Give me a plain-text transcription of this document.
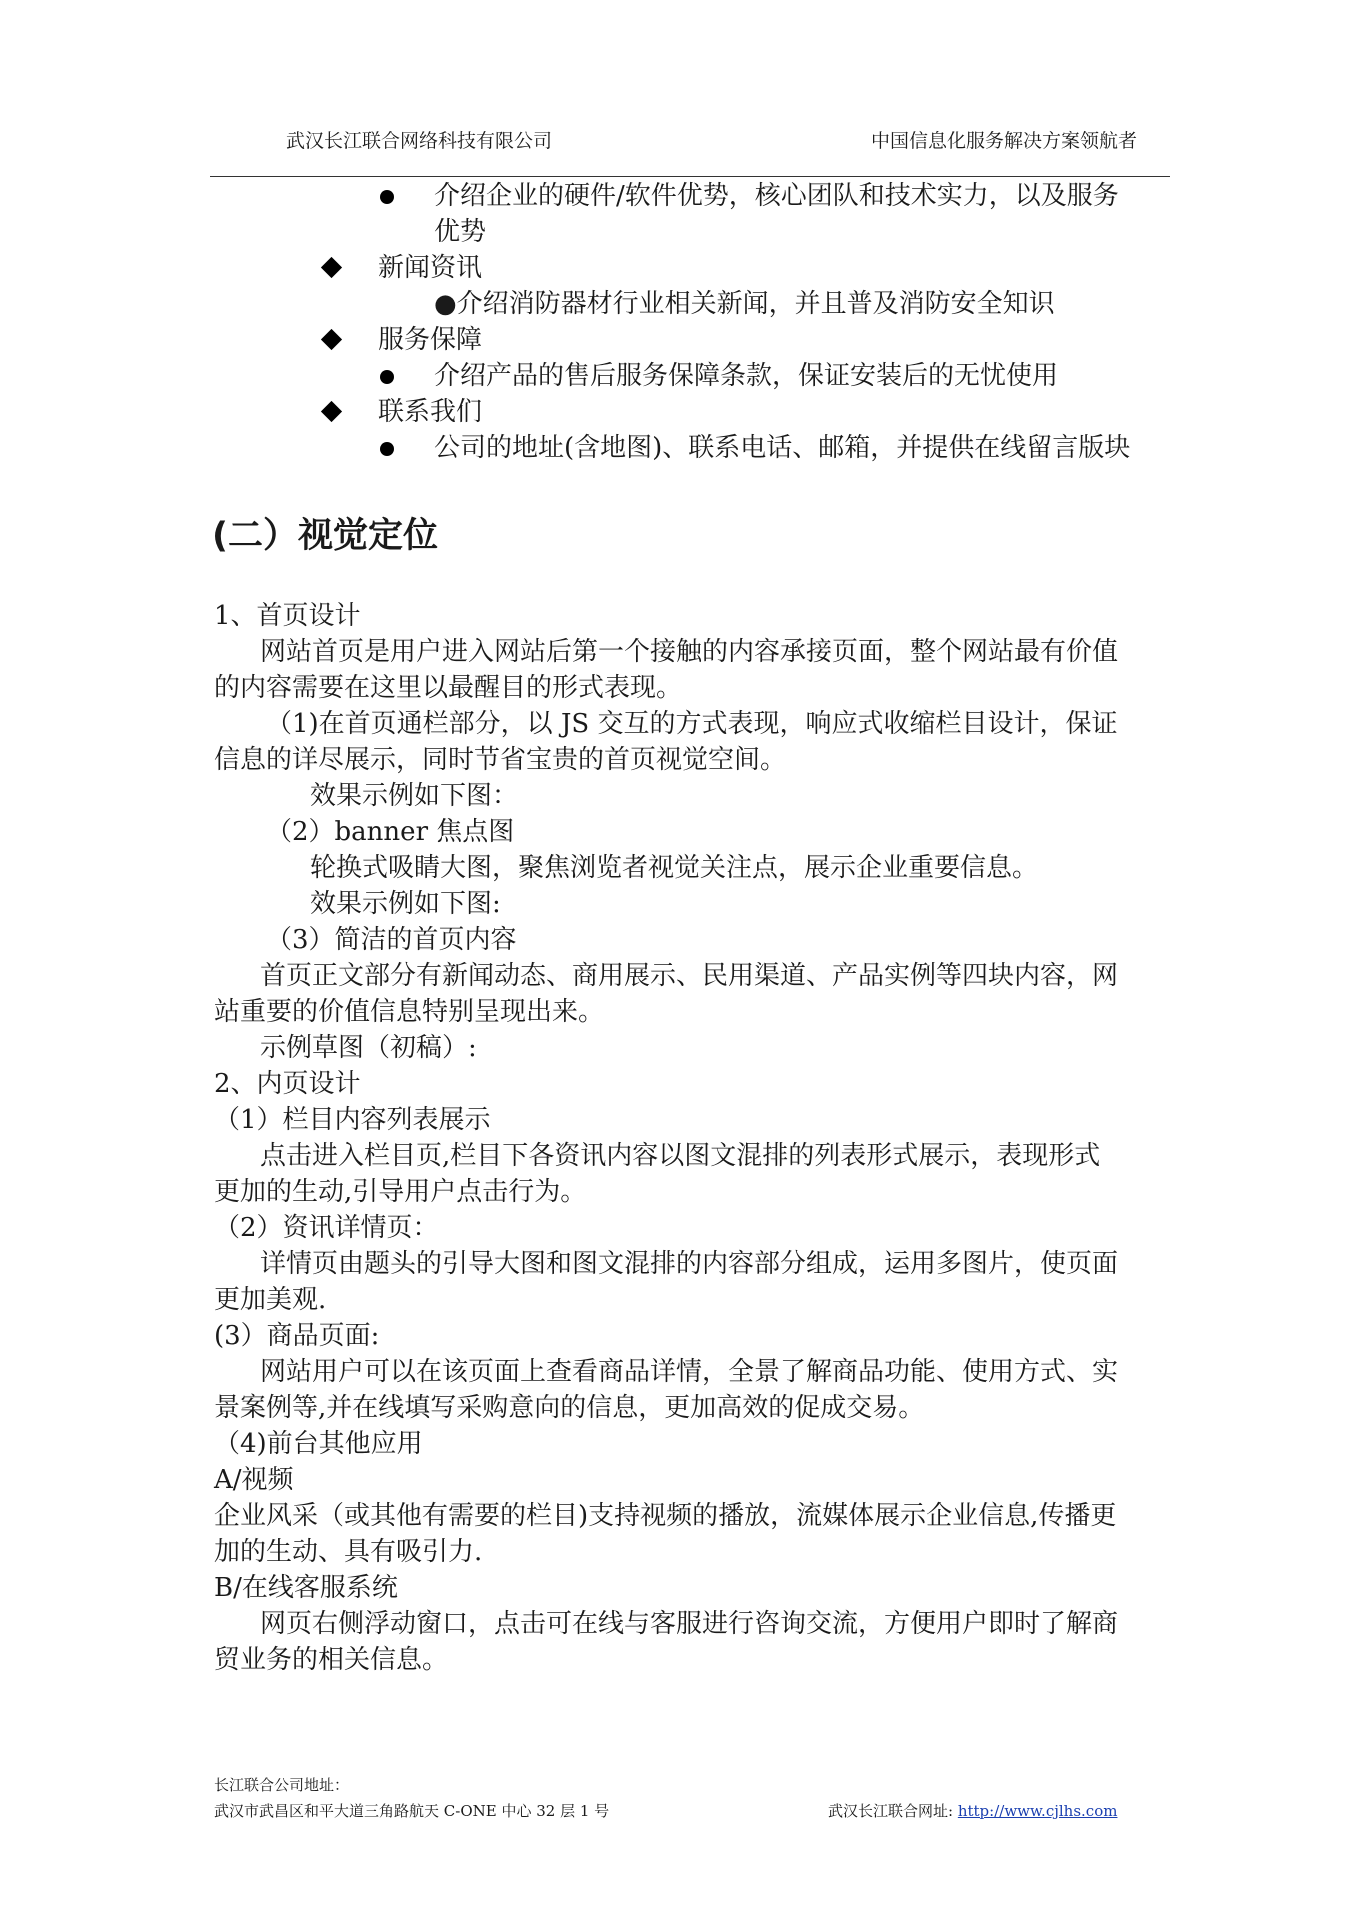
武汉长江联合网络科技有限公司	中国信息化服务解决方案领航者
介绍企业的硬件/软件优势，核心团队和技术实力，以及服务
优势
新闻资讯
●介绍消防器材行业相关新闻，并且普及消防安全知识
服务保障
介绍产品的售后服务保障条款，保证安装后的无忧使用
联系我们
公司的地址(含地图)、联系电话、邮箱，并提供在线留言版块
(二）视觉定位
1、首页设计
网站首页是用户进入网站后第一个接触的内容承接页面，整个网站最有价值
的内容需要在这里以最醒目的形式表现。
（1)在首页通栏部分，以 JS 交互的方式表现，响应式收缩栏目设计，保证
信息的详尽展示，同时节省宝贵的首页视觉空间。
效果示例如下图：
（2）banner 焦点图
轮换式吸睛大图，聚焦浏览者视觉关注点，展示企业重要信息。
效果示例如下图:
（3）简洁的首页内容
首页正文部分有新闻动态、商用展示、民用渠道、产品实例等四块内容，网
站重要的价值信息特别呈现出来。
示例草图（初稿）:
2、内页设计
（1）栏目内容列表展示
点击进入栏目页,栏目下各资讯内容以图文混排的列表形式展示，表现形式
更加的生动,引导用户点击行为。
（2）资讯详情页：
详情页由题头的引导大图和图文混排的内容部分组成，运用多图片，使页面
更加美观.
(3）商品页面:
网站用户可以在该页面上查看商品详情，全景了解商品功能、使用方式、实
景案例等,并在线填写采购意向的信息，更加高效的促成交易。
（4)前台其他应用
A/视频
企业风采（或其他有需要的栏目)支持视频的播放，流媒体展示企业信息,传播更
加的生动、具有吸引力.
B/在线客服系统
网页右侧浮动窗口，点击可在线与客服进行咨询交流，方便用户即时了解商
贸业务的相关信息。
长江联合公司地址：
武汉市武昌区和平大道三角路航天 C-ONE 中心 32 层 1 号	武汉长江联合网址: http://www.cjlhs.com
